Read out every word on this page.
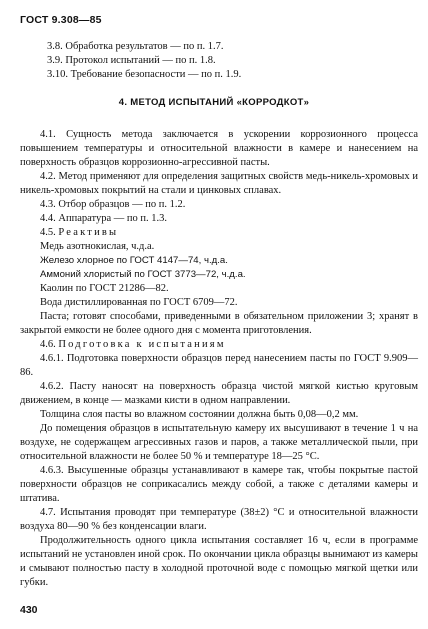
ГОСТ 9.308—85
3.8. Обработка результатов — по п. 1.7.
3.9. Протокол испытаний — по п. 1.8.
3.10. Требование безопасности — по п. 1.9.
4. МЕТОД ИСПЫТАНИЙ «КОРРОДКОТ»

4.1. Сущность метода заключается в ускорении коррозионного процесса повышением температуры и относительной влажности в камере и нанесением на поверхность образцов коррозионно-агрессивной пасты.

4.2. Метод применяют для определения защитных свойств медь-никель-хромовых и никель-хромовых покрытий на стали и цинковых сплавах.

4.3. Отбор образцов — по п. 1.2.
4.4. Аппаратура — по п. 1.3.
4.5. Реактивы
Медь азотнокислая, ч.д.а.
Железо хлорное по ГОСТ 4147—74, ч.д.а.
Аммоний хлористый по ГОСТ 3773—72, ч.д.а.
Каолин по ГОСТ 21286—82.
Вода дистиллированная по ГОСТ 6709—72.

Паста; готовят способами, приведенными в обязательном приложении 3; хранят в закрытой емкости не более одного дня с момента приготовления.

4.6. Подготовка к испытаниям

4.6.1. Подготовка поверхности образцов перед нанесением пасты по ГОСТ 9.909— 86.

4.6.2. Пасту наносят на поверхность образца чистой мягкой кистью круговым движением, в конце — мазками кисти в одном направлении.

Толщина слоя пасты во влажном состоянии должна быть 0,08—0,2 мм.

До помещения образцов в испытательную камеру их высушивают в течение 1 ч на воздухе, не содержащем агрессивных газов и паров, а также металлической пыли, при относительной влажности не более 50 % и температуре 18—25 °С.

4.6.3. Высушенные образцы устанавливают в камере так, чтобы покрытые пастой поверхности образцов не соприкасались между собой, а также с деталями камеры и штатива.

4.7. Испытания проводят при температуре (38±2) °С и относительной влажности воздуха 80—90 % без конденсации влаги.

Продолжительность одного цикла испытания составляет 16 ч, если в программе испытаний не установлен иной срок. По окончании цикла образцы вынимают из камеры и смывают полностью пасту в холодной проточной воде с помощью мягкой щетки или губки.

430
